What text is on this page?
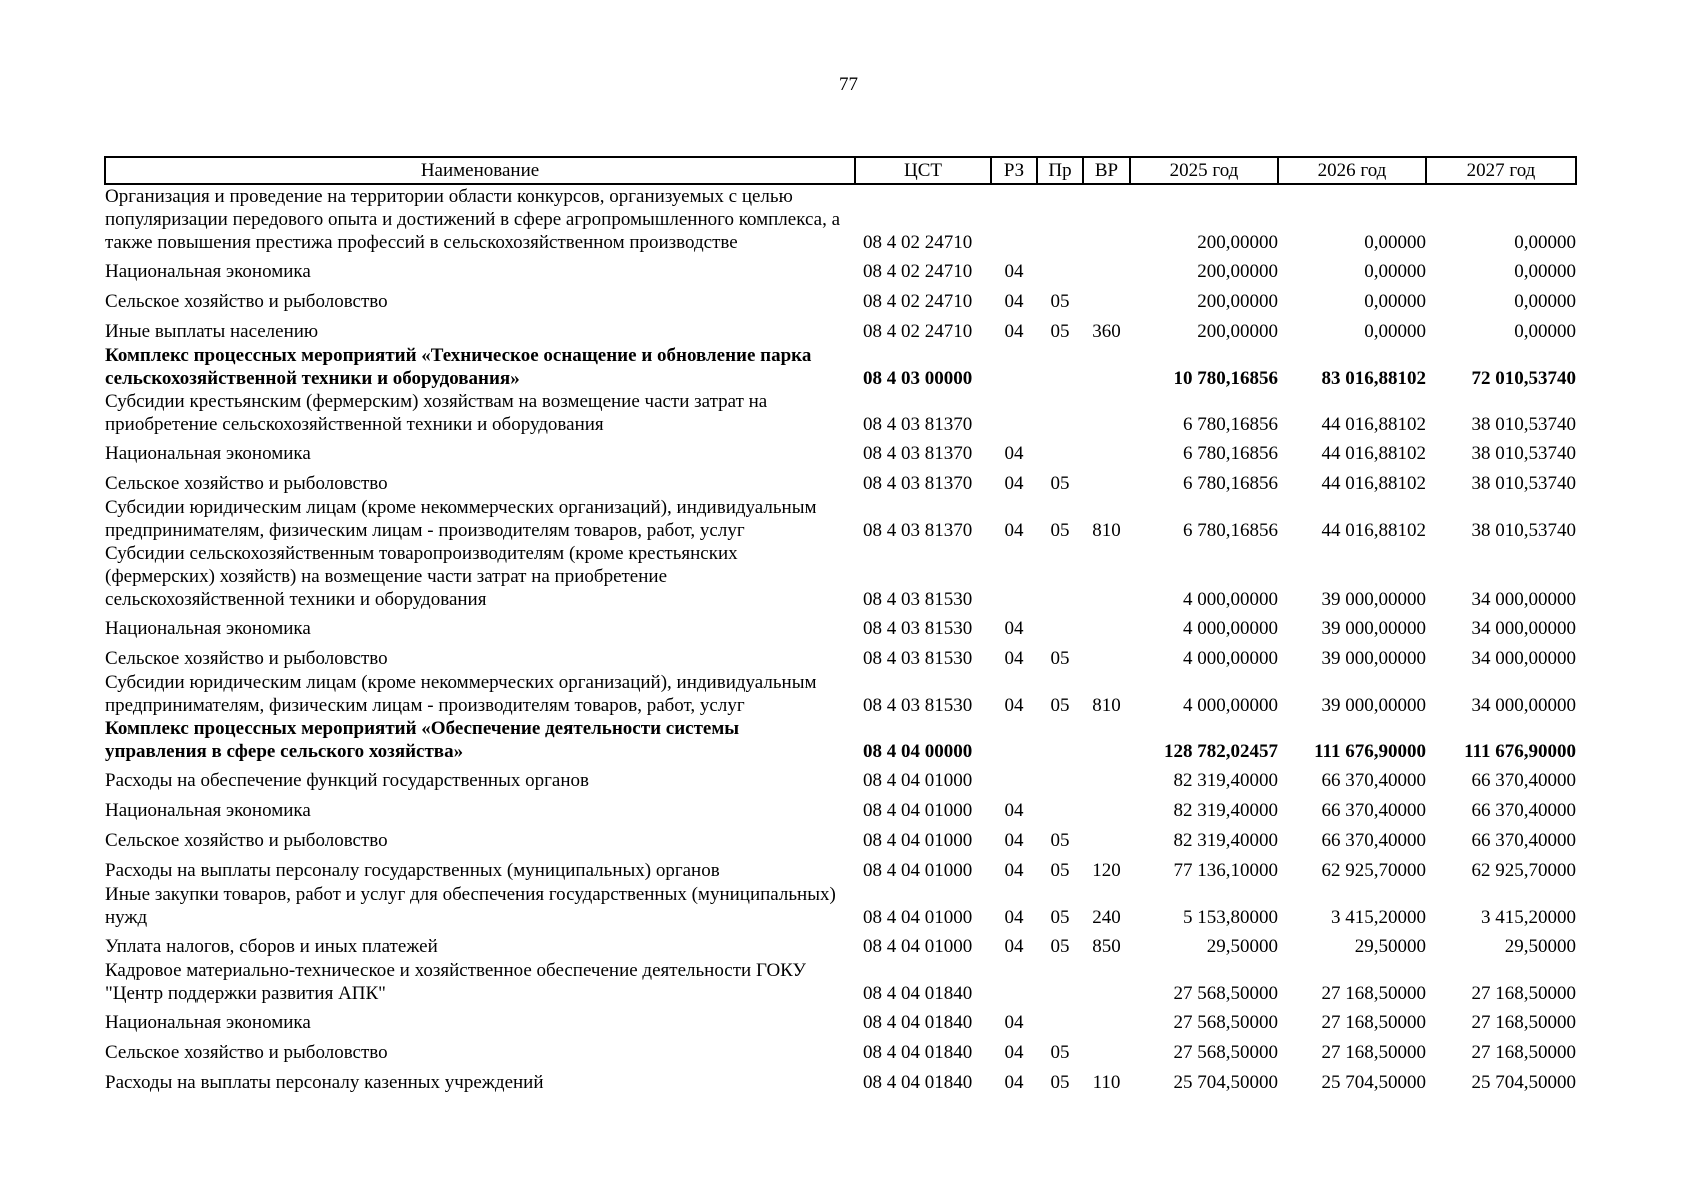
77
Наименование	ЦСТ	РЗ	Пр	ВР	2025 год	2026 год	2027 год
Организация и проведение на территории области конкурсов, организуемых с целью популяризации передового опыта и достижений в сфере агропромышленного комплекса, а также повышения престижа профессий в сельскохозяйственном производстве	08 4 02 24710				200,00000	0,00000	0,00000
Национальная экономика	08 4 02 24710	04			200,00000	0,00000	0,00000
Сельское хозяйство и рыболовство	08 4 02 24710	04	05		200,00000	0,00000	0,00000
Иные выплаты населению	08 4 02 24710	04	05	360	200,00000	0,00000	0,00000
Комплекс процессных мероприятий «Техническое оснащение и обновление парка сельскохозяйственной техники и оборудования»	08 4 03 00000				10 780,16856	83 016,88102	72 010,53740
Субсидии крестьянским (фермерским) хозяйствам на возмещение части затрат на приобретение сельскохозяйственной техники и оборудования	08 4 03 81370				6 780,16856	44 016,88102	38 010,53740
Национальная экономика	08 4 03 81370	04			6 780,16856	44 016,88102	38 010,53740
Сельское хозяйство и рыболовство	08 4 03 81370	04	05		6 780,16856	44 016,88102	38 010,53740
Субсидии юридическим лицам (кроме некоммерческих организаций), индивидуальным предпринимателям, физическим лицам - производителям товаров, работ, услуг	08 4 03 81370	04	05	810	6 780,16856	44 016,88102	38 010,53740
Субсидии сельскохозяйственным товаропроизводителям (кроме крестьянских (фермерских) хозяйств) на возмещение части затрат на приобретение сельскохозяйственной техники и оборудования	08 4 03 81530				4 000,00000	39 000,00000	34 000,00000
Национальная экономика	08 4 03 81530	04			4 000,00000	39 000,00000	34 000,00000
Сельское хозяйство и рыболовство	08 4 03 81530	04	05		4 000,00000	39 000,00000	34 000,00000
Субсидии юридическим лицам (кроме некоммерческих организаций), индивидуальным предпринимателям, физическим лицам - производителям товаров, работ, услуг	08 4 03 81530	04	05	810	4 000,00000	39 000,00000	34 000,00000
Комплекс процессных мероприятий «Обеспечение деятельности системы управления в сфере сельского хозяйства»	08 4 04 00000				128 782,02457	111 676,90000	111 676,90000
Расходы на обеспечение функций государственных органов	08 4 04 01000				82 319,40000	66 370,40000	66 370,40000
Национальная экономика	08 4 04 01000	04			82 319,40000	66 370,40000	66 370,40000
Сельское хозяйство и рыболовство	08 4 04 01000	04	05		82 319,40000	66 370,40000	66 370,40000
Расходы на выплаты персоналу государственных (муниципальных) органов	08 4 04 01000	04	05	120	77 136,10000	62 925,70000	62 925,70000
Иные закупки товаров, работ и услуг для обеспечения государственных (муниципальных) нужд	08 4 04 01000	04	05	240	5 153,80000	3 415,20000	3 415,20000
Уплата налогов, сборов и иных платежей	08 4 04 01000	04	05	850	29,50000	29,50000	29,50000
Кадровое материально-техническое и хозяйственное обеспечение деятельности ГОКУ "Центр поддержки развития АПК"	08 4 04 01840				27 568,50000	27 168,50000	27 168,50000
Национальная экономика	08 4 04 01840	04			27 568,50000	27 168,50000	27 168,50000
Сельское хозяйство и рыболовство	08 4 04 01840	04	05		27 568,50000	27 168,50000	27 168,50000
Расходы на выплаты персоналу казенных учреждений	08 4 04 01840	04	05	110	25 704,50000	25 704,50000	25 704,50000
